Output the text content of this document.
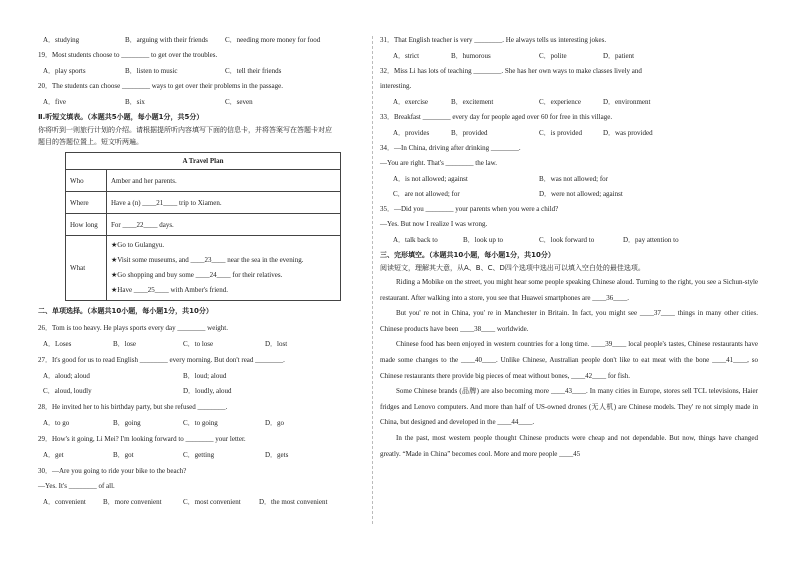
A．studying	B．arguing with their friends	C．needing more money for food

19．Most students choose to ________ to get over the troubles.

A．play sports	B．listen to music	C．tell their friends

20．The students can choose ________ ways to get over their problems in the passage.

A．five	B．six	C．seven

Ⅱ.听短文填表。（本题共5小题，每小题1分，共5分）

你将听到一则旅行计划的介绍。请根据提所听内容填写下面的信息卡，并将答案写在答题卡对应

题目的答题位置上。短文听两遍。

A Travel Plan	
Who	Amber and her parents.
Where	Have a (n) ____21____ trip to Xiamen.
How long	For ____22____ days.
What	★Go to Gulangyu.
★Visit some museums, and ____23____ near the sea in the evening.
★Go shopping and buy some ____24____ for their relatives.
★Have ____25____ with Amber's friend.

二、单项选择。（本题共10小题，每小题1分，共10分）

26．Tom is too heavy. He plays sports every day ________ weight.

A．Loses	B．lose	C．to lose	D．lost

27．It's good for us to read English ________ every morning. But don't read ________.

A．aloud; aloud	B．loud; aloud
C．aloud, loudly	D．loudly, aloud

28．He invited her to his birthday party, but she refused ________.

A．to go	B．going	C．to going	D．go

29．How's it going, Li Mei? I'm looking forward to ________ your letter.

A．get	B．got	C．getting	D．gets

30．—Are you going to ride your bike to the beach?

—Yes. It's ________ of all.

A．convenient	B．more convenient	C．most convenient	D．the most convenient

31．That English teacher is very ________. He always tells us interesting jokes.

A．strict	B．humorous	C．polite	D．patient

32．Miss Li has lots of teaching ________. She has her own ways to make classes lively and

interesting.

A．exercise	B．excitement	C．experience	D．environment

33．Breakfast ________ every day for people aged over 60 for free in this village.

A．provides	B．provided	C．is provided	D．was provided

34．—In China, driving after drinking ________.

—You are right. That's ________ the law.

A．is not allowed; against	B．was not allowed; for
C．are not allowed; for	D．were not allowed; against

35．—Did you ________ your parents when you were a child?

—Yes. But now I realize I was wrong.

A．talk back to	B．look up to	C．look forward to	D．pay attention to

三、完形填空。（本题共10小题，每小题1分，共10分）

阅读短文，理解其大意，从A、B、C、D四个选项中选出可以填入空白处的最佳选项。

Riding a Mobike on the street, you might hear some people speaking Chinese aloud. Turning to the right, you see a Sichun-style restaurant. After walking into a store, you see that Huawei smartphones are ____36____.

But you' re not in China, you' re in Manchester in Britain. In fact, you might see ____37____ things in many other cities. Chinese products have been ____38____ worldwide.

Chinese food has been enjoyed in western countries for a long time. ____39____ local people's tastes, Chinese restaurants have made some changes to the ____40____. Unlike Chinese, Australian people don't like to eat meat with the bone ____41____, so Chinese restaurants there provide big pieces of meat without bones, ____42____ for fish.

Some Chinese brands (品牌) are also becoming more ____43____. In many cities in Europe, stores sell TCL televisions, Haier fridges and Lenovo computers. And more than half of US-owned drones (无人机) are Chinese models. They' re not simply made in China, but designed and developed in the ____44____.

In the past, most western people thought Chinese products were cheap and not dependable. But now, things have changed greatly. “Made in China” becomes cool. More and more people ____45
